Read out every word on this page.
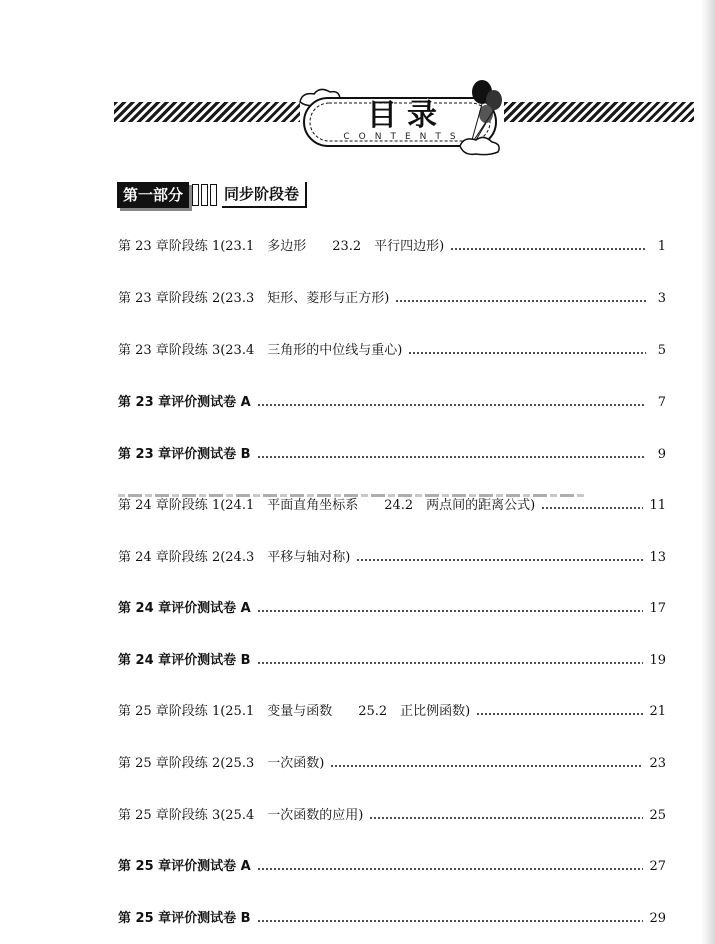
目录
CONTENTS
第一部分	同步阶段卷
第 23 章阶段练 1(23.1　多边形　　23.2　平行四边形)	1
第 23 章阶段练 2(23.3　矩形、菱形与正方形)	3
第 23 章阶段练 3(23.4　三角形的中位线与重心)	5
第 23 章评价测试卷 A	7
第 23 章评价测试卷 B	9
第 24 章阶段练 1(24.1　平面直角坐标系　　24.2　两点间的距离公式)	11
第 24 章阶段练 2(24.3　平移与轴对称)	13
第 24 章评价测试卷 A	17
第 24 章评价测试卷 B	19
第 25 章阶段练 1(25.1　变量与函数　　25.2　正比例函数)	21
第 25 章阶段练 2(25.3　一次函数)	23
第 25 章阶段练 3(25.4　一次函数的应用)	25
第 25 章评价测试卷 A	27
第 25 章评价测试卷 B	29
